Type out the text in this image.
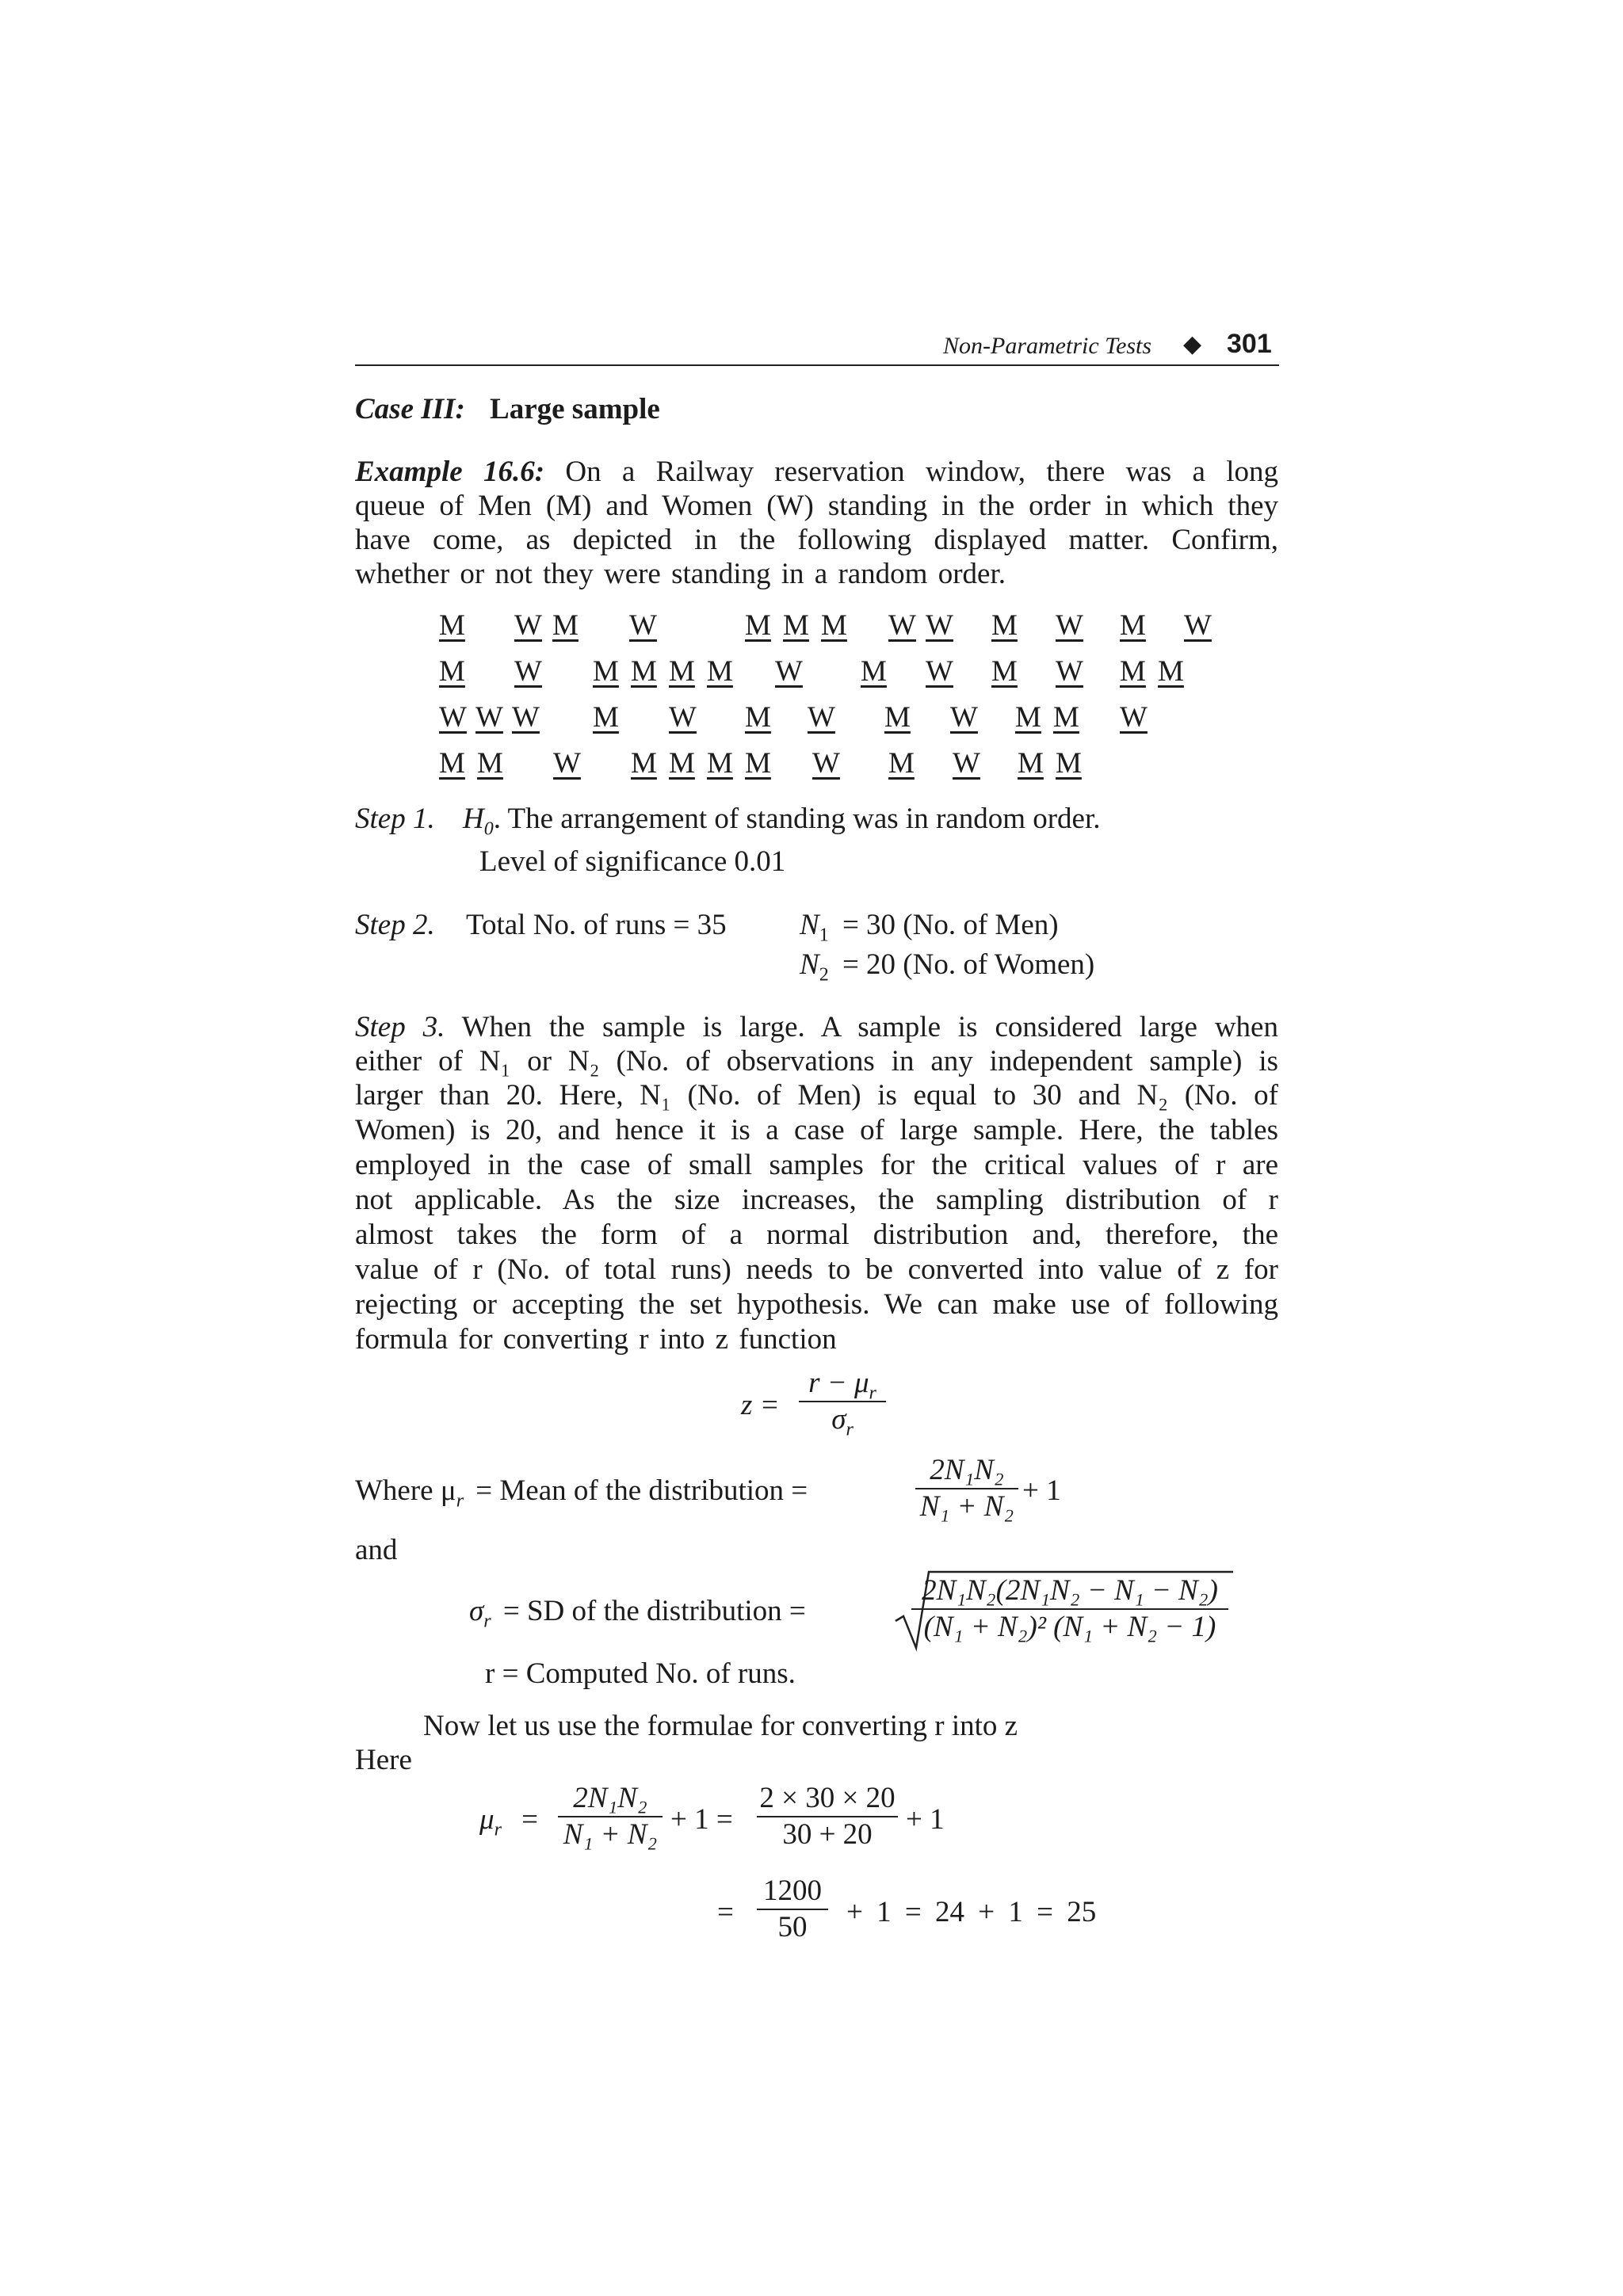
Non-Parametric Tests ◆ 301
Case III: Large sample
Example 16.6: On a Railway reservation window, there was a long
queue of Men (M) and Women (W) standing in the order in which they
have come, as depicted in the following displayed matter. Confirm,
whether or not they were standing in a random order.
M W M W	M M M W W M W M W
M W M M M M W M W M W M M
W W W M W M W M W M M W
M M W M M M M W M W M M
Step 1. $H_0$. The arrangement of standing was in random order.
Level of significance 0.01
Step 2. Total No. of runs = 35 $N_1 = 30$ (No. of Men)
$N_2 = 20$ (No. of Women)
Step 3. When the sample is large. A sample is considered large when
either of N₁ or N₂ (No. of observations in any independent sample) is
larger than 20. Here, N₁ (No. of Men) is equal to 30 and N₂ (No. of
Women) is 20, and hence it is a case of large sample. Here, the tables
employed in the case of small samples for the critical values of r are
not applicable. As the size increases, the sampling distribution of r
almost takes the form of a normal distribution and, therefore, the
value of r (No. of total runs) needs to be converted into value of z for
rejecting or accepting the set hypothesis. We can make use of following
formula for converting r into z function
z =
$r - \mu_r$
$\sigma_r$
Where $\mu_r$ = Mean of the distribution =
2N₁N₂
N₁ + N₂ + 1
and
$\sigma_r$ = SD of the distribution =
2N₁N₂(2N₁N₂ − N₁ − N₂)
(N₁ + N₂)² (N₁ + N₂ − 1)
r = Computed No. of runs.
Now let us use the formulae for converting r into z
Here
$\mu_r$ =
2N₁N₂
N₁ + N₂ + 1 =
2 × 30 × 20
30 + 20	+ 1
=
1200
50	+ 1 = 24 + 1 = 25
